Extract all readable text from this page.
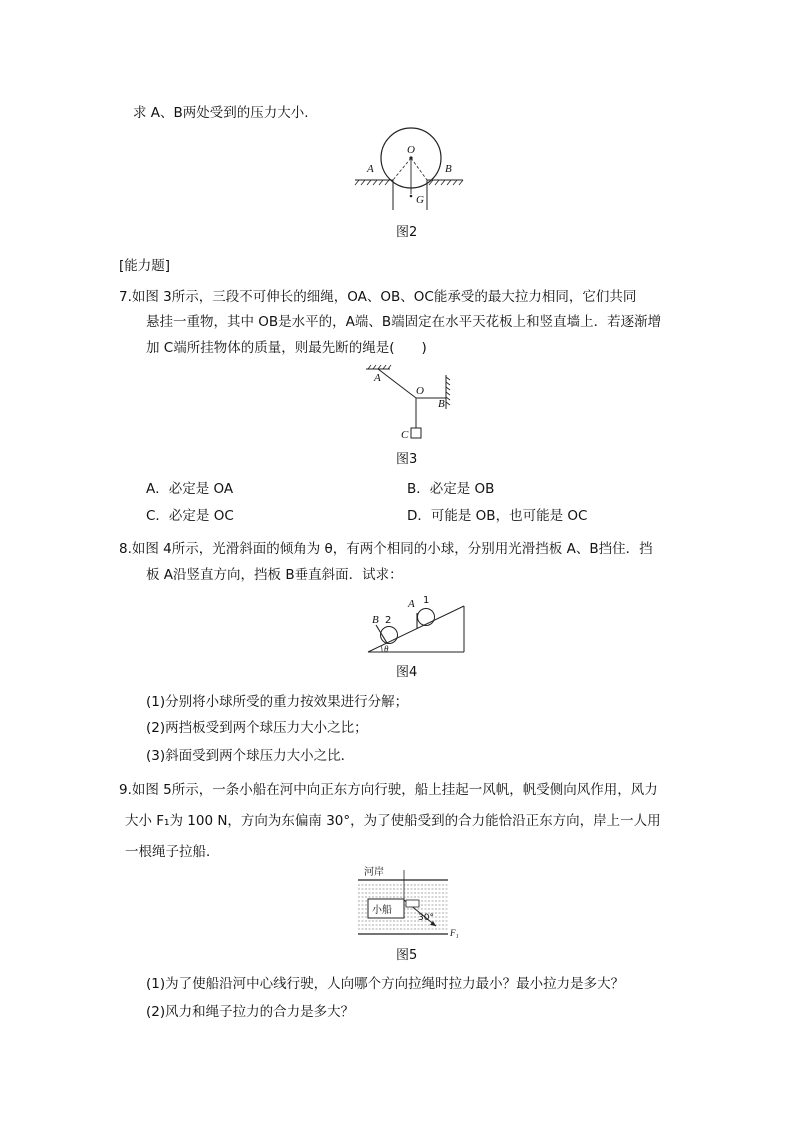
求 A、B两处受到的压力大小.
A	B
O
G
图2
[能力题]
7.如图 3所示，三段不可伸长的细绳，OA、OB、OC能承受的最大拉力相同，它们共同
悬挂一重物，其中 OB是水平的，A端、B端固定在水平天花板上和竖直墙上．若逐渐增
加 C端所挂物体的质量，则最先断的绳是(　　)
A
O
B
C
图3
A．必定是 OA	B．必定是 OB
C．必定是 OC	D．可能是 OB，也可能是 OC
8.如图 4所示，光滑斜面的倾角为 θ，有两个相同的小球，分别用光滑挡板 A、B挡住．挡
板 A沿竖直方向，挡板 B垂直斜面．试求：
A 1
B 2
θ
图4
(1)分别将小球所受的重力按效果进行分解；
(2)两挡板受到两个球压力大小之比；
(3)斜面受到两个球压力大小之比．
9.如图 5所示，一条小船在河中向正东方向行驶，船上挂起一风帆，帆受侧向风作用，风力
大小 F₁为 100 N，方向为东偏南 30°，为了使船受到的合力能恰沿正东方向，岸上一人用
一根绳子拉船．
河岸
小船
30°
F₁
图5
(1)为了使船沿河中心线行驶，人向哪个方向拉绳时拉力最小？最小拉力是多大？
(2)风力和绳子拉力的合力是多大？
